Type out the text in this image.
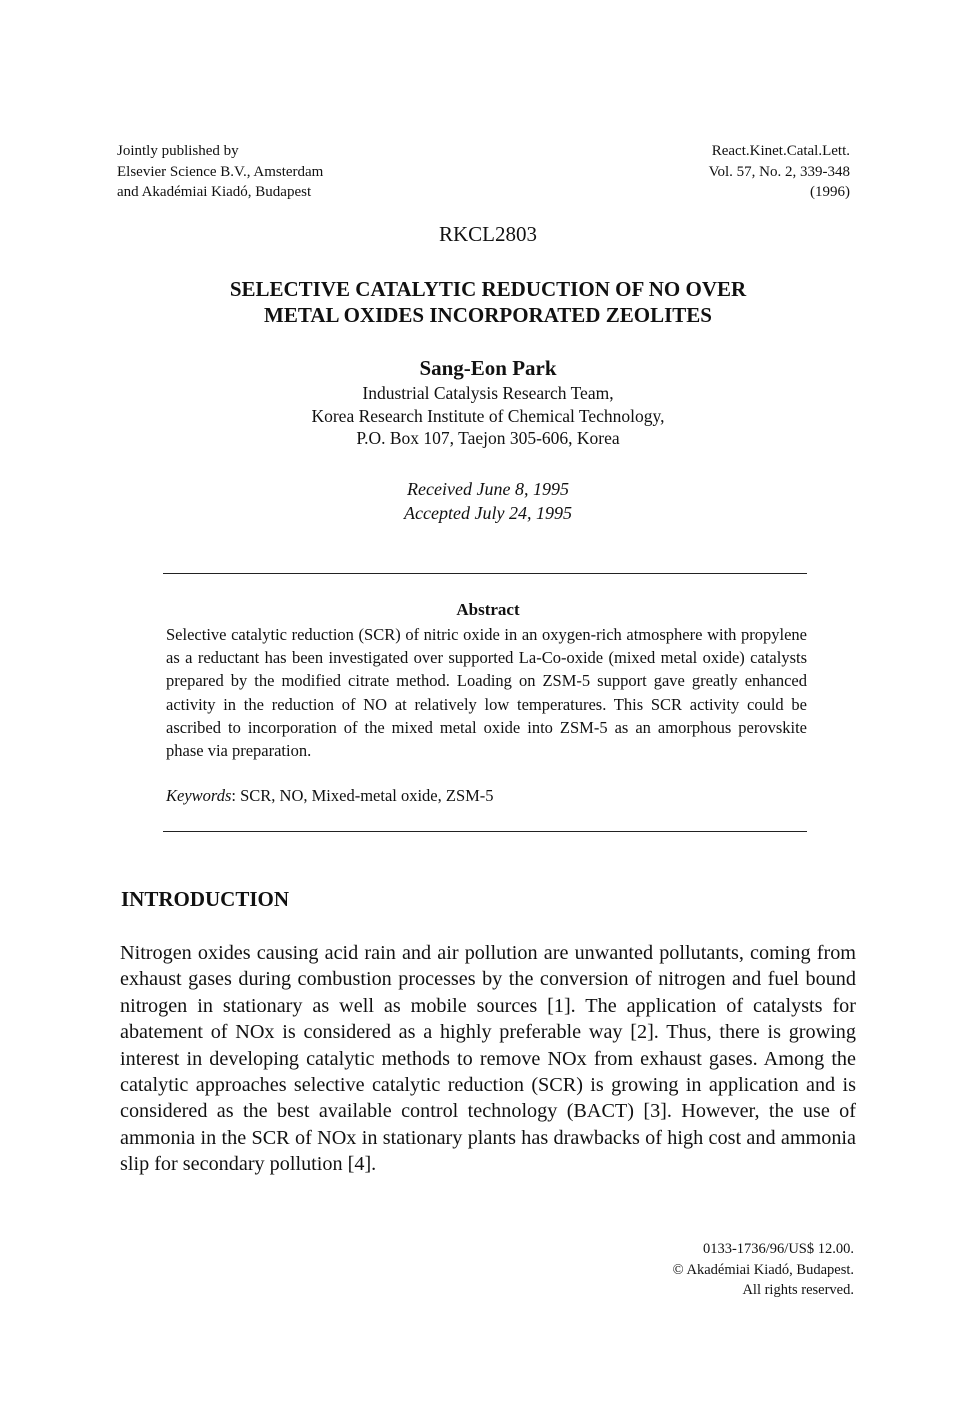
Jointly published by
Elsevier Science B.V., Amsterdam
and Akadémiai Kiadó, Budapest
React.Kinet.Catal.Lett.
Vol. 57, No. 2, 339-348
(1996)
RKCL2803
SELECTIVE CATALYTIC REDUCTION OF NO OVER
METAL OXIDES INCORPORATED ZEOLITES
Sang-Eon Park
Industrial Catalysis Research Team,
Korea Research Institute of Chemical Technology,
P.O. Box 107, Taejon 305-606, Korea
Received June 8, 1995
Accepted July 24, 1995
Abstract
Selective catalytic reduction (SCR) of nitric oxide in an oxygen-rich atmosphere with propylene as a reductant has been investigated over supported La-Co-oxide (mixed metal oxide) catalysts prepared by the modified citrate method. Loading on ZSM-5 support gave greatly enhanced activity in the reduction of NO at relatively low temperatures. This SCR activity could be ascribed to incorporation of the mixed metal oxide into ZSM-5 as an amorphous perovskite phase via preparation.
Keywords: SCR, NO, Mixed-metal oxide, ZSM-5
INTRODUCTION
Nitrogen oxides causing acid rain and air pollution are unwanted pollutants, coming from exhaust gases during combustion processes by the conversion of nitrogen and fuel bound nitrogen in stationary as well as mobile sources [1]. The application of catalysts for abatement of NOx is considered as a highly preferable way [2]. Thus, there is growing interest in developing catalytic methods to remove NOx from exhaust gases. Among the catalytic approaches selective catalytic reduction (SCR) is growing in application and is considered as the best available control technology (BACT) [3]. However, the use of ammonia in the SCR of NOx in stationary plants has drawbacks of high cost and ammonia slip for secondary pollution [4].
0133-1736/96/US$ 12.00.
© Akadémiai Kiadó, Budapest.
All rights reserved.
